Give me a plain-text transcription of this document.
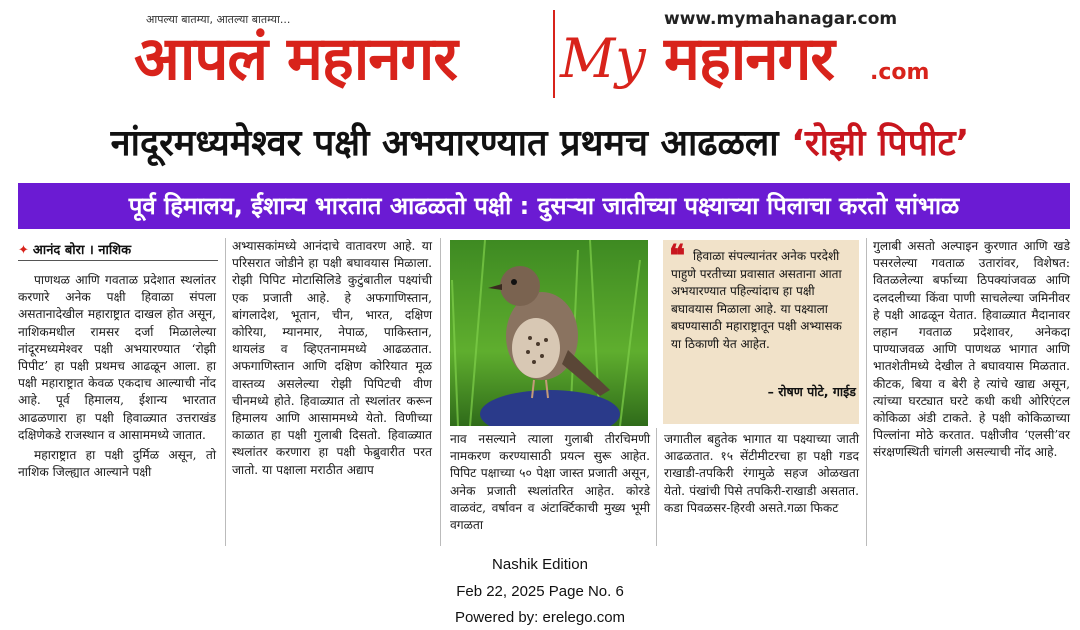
आपल्या बातम्या, आतल्या बातम्या...
आपलं महानगर
www.mymahanagar.com
My महानगर .com
नांदूरमध्यमेश्वर पक्षी अभयारण्यात प्रथमच आढळला ‘रोझी पिपीट’
पूर्व हिमालय, ईशान्य भारतात आढळतो पक्षी : दुसऱ्या जातीच्या पक्ष्याच्या पिलाचा करतो सांभाळ
✦ आनंद बोरा । नाशिक

पाणथळ आणि गवताळ प्रदेशात स्थलांतर करणारे अनेक पक्षी हिवाळा संपला असतानादेखील महाराष्ट्रात दाखल होत असून, नाशिकमधील रामसर दर्जा मिळालेल्या नांदूरमध्यमेश्वर पक्षी अभयारण्यात ‘रोझी पिपीट’ हा पक्षी प्रथमच आढळून आला. हा पक्षी महाराष्ट्रात केवळ एकदाच आल्याची नोंद आहे. पूर्व हिमालय, ईशान्य भारतात आढळणारा हा पक्षी हिवाळ्यात उत्तराखंड दक्षिणेकडे राजस्थान व आसाममध्ये जातात.

महाराष्ट्रात हा पक्षी दुर्मिळ असून, तो नाशिक जिल्ह्यात आल्याने पक्षी

अभ्यासकांमध्ये आनंदाचे वातावरण आहे. या परिसरात जोडीने हा पक्षी बघावयास मिळाला. रोझी पिपिट मोटासिलिडे कुटुंबातील पक्ष्यांची एक प्रजाती आहे. हे अफगाणिस्तान, बांगलादेश, भूतान, चीन, भारत, दक्षिण कोरिया, म्यानमार, नेपाळ, पाकिस्तान, थायलंड व व्हिएतनाममध्ये आढळतात. अफगाणिस्तान आणि दक्षिण कोरियात मूळ वास्तव्य असलेल्या रोझी पिपिटची वीण चीनमध्ये होते. हिवाळ्यात तो स्थलांतर करून हिमालय आणि आसाममध्ये येतो. विणीच्या काळात हा पक्षी गुलाबी दिसतो. हिवाळ्यात स्थलांतर करणारा हा पक्षी फेब्रुवारीत परत जातो. या पक्षाला मराठीत अद्याप

नाव नसल्याने त्याला गुलाबी तीरचिमणी नामकरण करण्यासाठी प्रयत्न सुरू आहेत. पिपिट पक्षाच्या ५० पेक्षा जास्त प्रजाती असून, अनेक प्रजाती स्थलांतरित आहेत. कोरडे वाळवंट, वर्षावन व अंटार्क्टिकाची मुख्य भूमी वगळता

❝ हिवाळा संपल्यानंतर अनेक परदेशी पाहुणे परतीच्या प्रवासात असताना आता अभयारण्यात पहिल्यांदाच हा पक्षी बघावयास मिळाला आहे. या पक्ष्याला बघण्यासाठी महाराष्ट्रातून पक्षी अभ्यासक या ठिकाणी येत आहेत.
– रोषण पोटे, गाईड

जगातील बहुतेक भागात या पक्ष्याच्या जाती आढळतात. १५ सेंटीमीटरचा हा पक्षी गडद राखाडी-तपकिरी रंगामुळे सहज ओळखता येतो. पंखांची पिसे तपकिरी-राखाडी असतात. कडा पिवळसर-हिरवी असते.गळा फिकट

गुलाबी असतो अल्पाइन कुरणात आणि खडे पसरलेल्या गवताळ उतारांवर, विशेषत: वितळलेल्या बर्फाच्या ठिपक्यांजवळ आणि दलदलीच्या किंवा पाणी साचलेल्या जमिनीवर हे पक्षी आढळून येतात. हिवाळ्यात मैदानावर लहान गवताळ प्रदेशावर, अनेकदा पाण्याजवळ आणि पाणथळ भागात आणि भातशेतीमध्ये देखील ते बघावयास मिळतात. कीटक, बिया व बेरी हे त्यांचे खाद्य असून, त्यांच्या घरट्यात घरटे कधी कधी ओरिएंटल कोकिळा अंडी टाकते. हे पक्षी कोकिळाच्या पिल्लांना मोठे करतात. पक्षीजीव ‘एलसी’वर संरक्षणस्थिती चांगली असल्याची नोंद आहे.

Nashik Edition
Feb 22, 2025 Page No. 6
Powered by: erelego.com
